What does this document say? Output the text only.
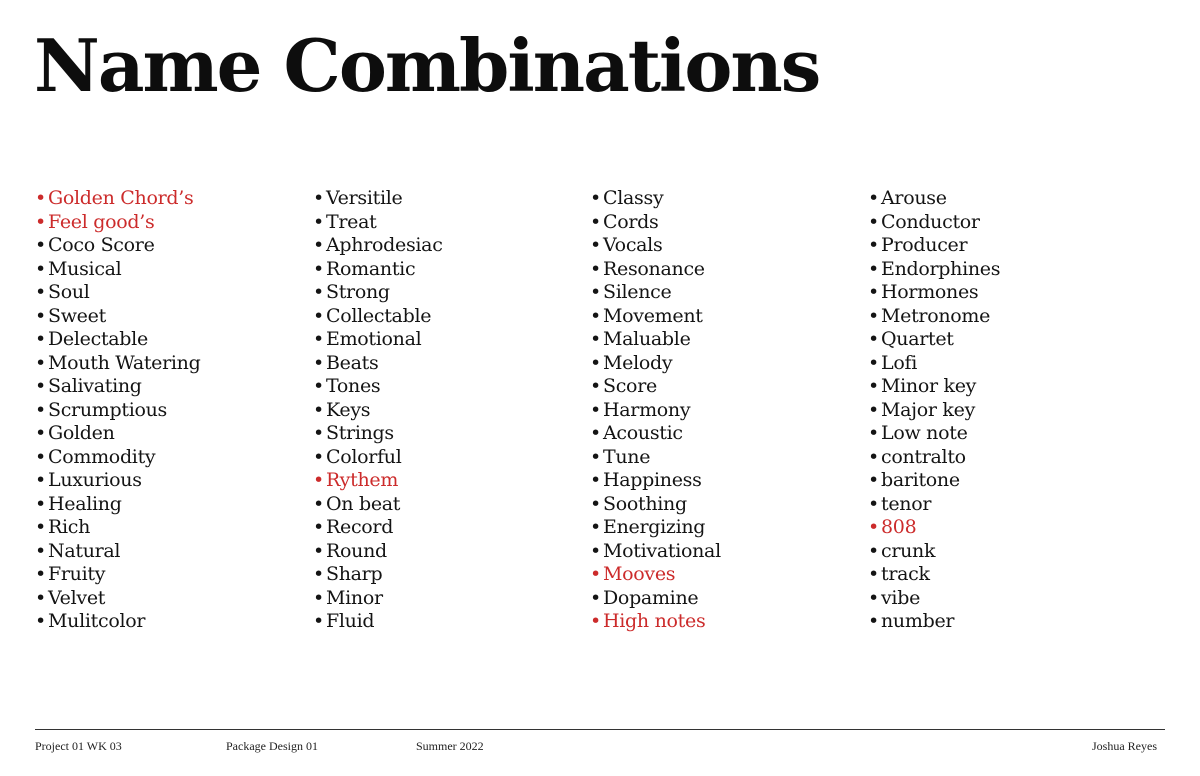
Name Combinations
• Golden Chord’s
• Feel good’s
• Coco Score
• Musical
• Soul
• Sweet
• Delectable
• Mouth Watering
• Salivating
• Scrumptious
• Golden
• Commodity
• Luxurious
• Healing
• Rich
• Natural
• Fruity
• Velvet
• Mulitcolor
• Versitile
• Treat
• Aphrodesiac
• Romantic
• Strong
• Collectable
• Emotional
• Beats
• Tones
• Keys
• Strings
• Colorful
• Rythem
• On beat
• Record
• Round
• Sharp
• Minor
• Fluid
• Classy
• Cords
• Vocals
• Resonance
• Silence
• Movement
• Maluable
• Melody
• Score
• Harmony
• Acoustic
• Tune
• Happiness
• Soothing
• Energizing
• Motivational
• Mooves
• Dopamine
• High notes
• Arouse
• Conductor
• Producer
• Endorphines
• Hormones
• Metronome
• Quartet
• Lofi
• Minor key
• Major key
• Low note
• contralto
• baritone
• tenor
• 808
• crunk
• track
• vibe
• number
Project 01 WK 03	Package Design 01	Summer 2022	Joshua Reyes
